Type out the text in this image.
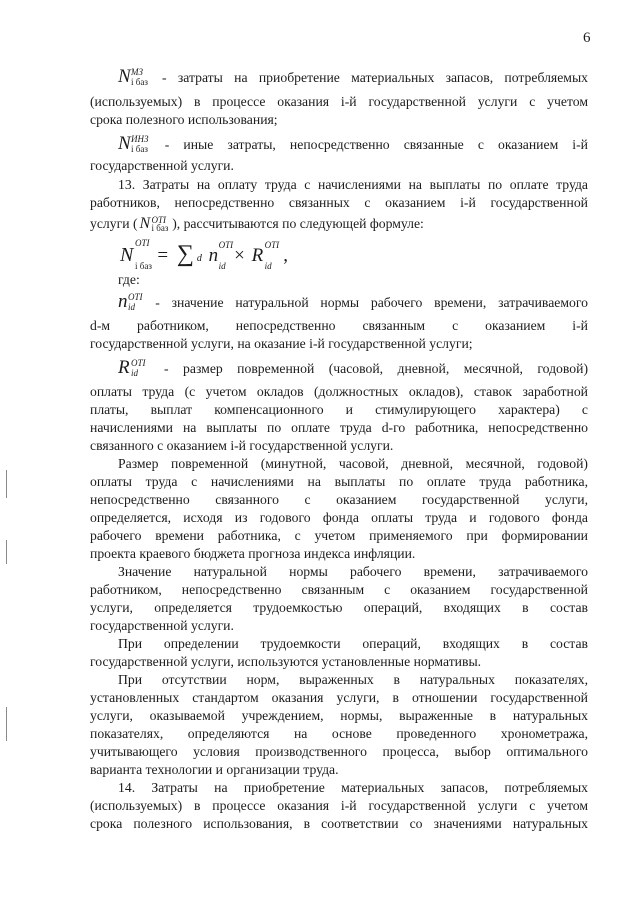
6
N МЗ
i баз - затраты на приобретение материальных запасов, потребляемых
(используемых) в процессе оказания i-й государственной услуги с учетом
срока полезного использования;
N ИНЗ
i баз - иные затраты, непосредственно связанные с оказанием i-й
государственной услуги.
13. Затраты на оплату труда с начислениями на выплаты по оплате труда
работников, непосредственно связанных с оказанием i-й государственной
услуги ( N OTI
i баз ), рассчитываются по следующей формуле:
N
OTI
i баз = ∑ d n OTI
id × R OTI
id ,
где:
n OTI
id - значение натуральной нормы рабочего времени, затрачиваемого
d-м работником, непосредственно связанным с оказанием i-й
государственной услуги, на оказание i-й государственной услуги;
R OTI
id - размер повременной (часовой, дневной, месячной, годовой)
оплаты труда (с учетом окладов (должностных окладов), ставок заработной
платы, выплат компенсационного и стимулирующего характера) с
начислениями на выплаты по оплате труда d-го работника, непосредственно
связанного с оказанием i-й государственной услуги.
Размер повременной (минутной, часовой, дневной, месячной, годовой)
оплаты труда с начислениями на выплаты по оплате труда работника,
непосредственно связанного с оказанием государственной услуги,
определяется, исходя из годового фонда оплаты труда и годового фонда
рабочего времени работника, с учетом применяемого при формировании
проекта краевого бюджета прогноза индекса инфляции.
Значение натуральной нормы рабочего времени, затрачиваемого
работником, непосредственно связанным с оказанием государственной
услуги, определяется трудоемкостью операций, входящих в состав
государственной услуги.
При определении трудоемкости операций, входящих в состав
государственной услуги, используются установленные нормативы.
При отсутствии норм, выраженных в натуральных показателях,
установленных стандартом оказания услуги, в отношении государственной
услуги, оказываемой учреждением, нормы, выраженные в натуральных
показателях, определяются на основе проведенного хронометража,
учитывающего условия производственного процесса, выбор оптимального
варианта технологии и организации труда.
14. Затраты на приобретение материальных запасов, потребляемых
(используемых) в процессе оказания i-й государственной услуги с учетом
срока полезного использования, в соответствии со значениями натуральных
